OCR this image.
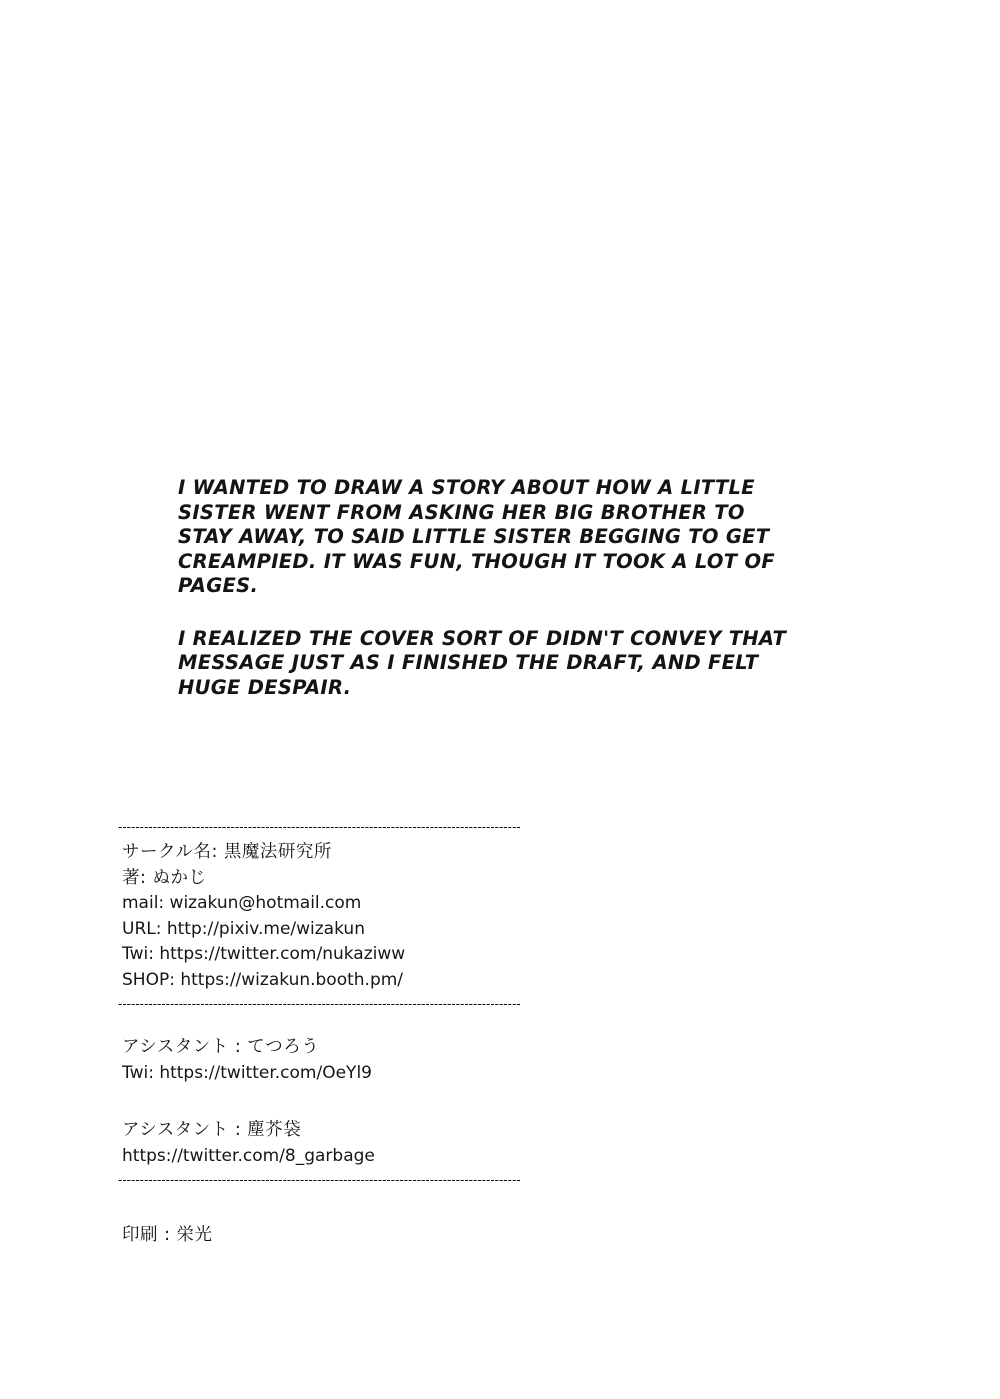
I WANTED TO DRAW A STORY ABOUT HOW A LITTLE SISTER WENT FROM ASKING HER BIG BROTHER TO STAY AWAY, TO SAID LITTLE SISTER BEGGING TO GET CREAMPIED. IT WAS FUN, THOUGH IT TOOK A LOT OF PAGES.

I REALIZED THE COVER SORT OF DIDN'T CONVEY THAT MESSAGE JUST AS I FINISHED THE DRAFT, AND FELT HUGE DESPAIR.

---------------------------------------------------------------------------------------------
サークル名: 黒魔法研究所
著: ぬかじ
mail: wizakun@hotmail.com
URL: http://pixiv.me/wizakun
Twi: https://twitter.com/nukaziww
SHOP: https://wizakun.booth.pm/
---------------------------------------------------------------------------------------------
アシスタント : てつろう
Twi: https://twitter.com/OeYl9
アシスタント : 塵芥袋
https://twitter.com/8_garbage
---------------------------------------------------------------------------------------------
印刷 : 栄光
